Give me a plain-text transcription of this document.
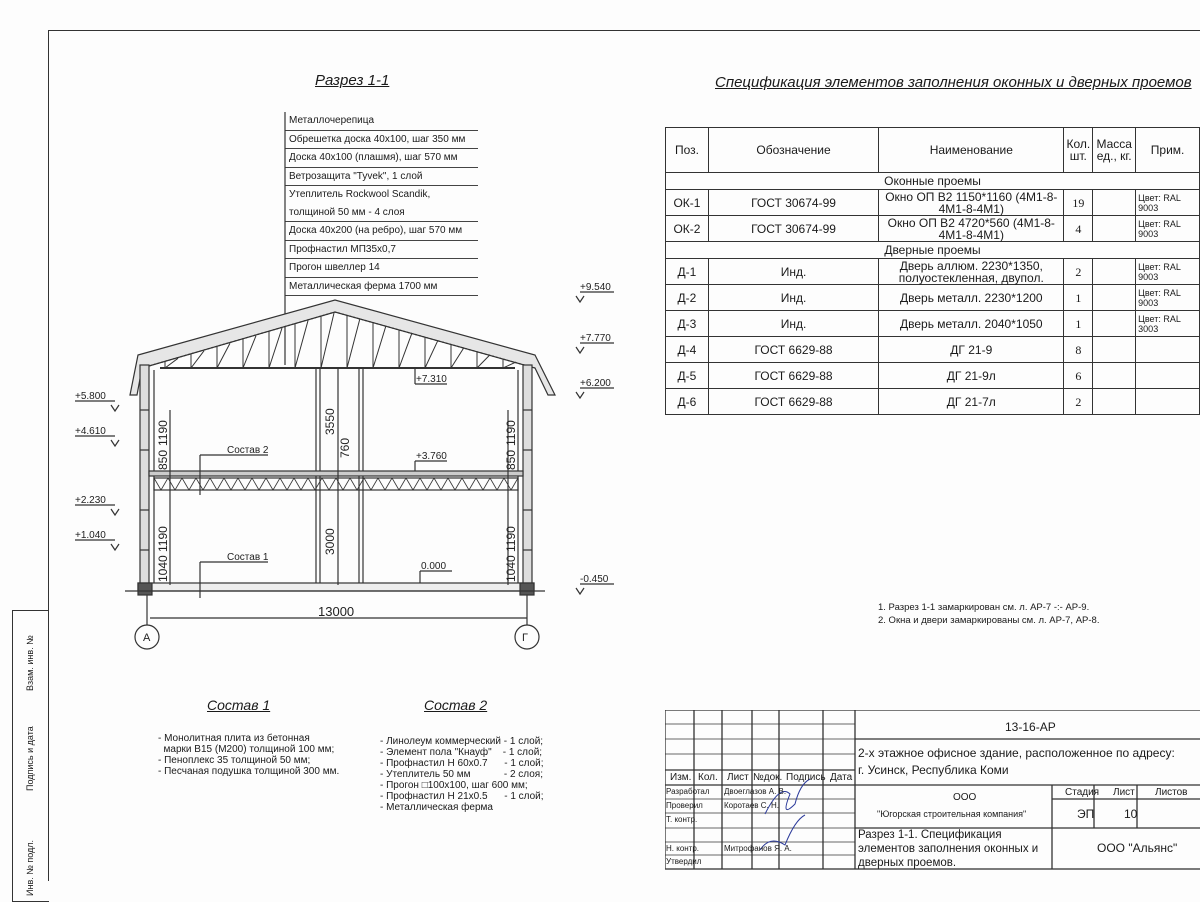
Разрез 1-1
Металлочерепица
Обрешетка доска 40х100, шаг 350 мм
Доска 40х100 (плашмя), шаг 570 мм
Ветрозащита "Tyvek", 1 слой
Утеплитель Rockwool Scandik,
толщиной 50 мм - 4 слоя
Доска 40х200 (на ребро), шаг 570 мм
Профнастил МП35х0,7
Прогон швеллер 14
Металлическая ферма 1700 мм
+5.800
+4.610
+2.230
+1.040
+9.540
+7.770
+6.200
-0.450
+7.310
+3.760
0.000
Состав 2
Состав 1
13000
А	Г
3550
760
3000
850
1190
1040
1190
850
1190
1040
1190
Спецификация элементов заполнения оконных и дверных проемов
Поз.	Обозначение	Наименование	Кол. шт.	Масса ед., кг.	Прим.
Оконные проемы					
ОК-1	ГОСТ 30674-99	Окно ОП В2 1150*1160 (4М1-8-4М1-8-4М1)	19		Цвет: RAL 9003
ОК-2	ГОСТ 30674-99	Окно ОП В2 4720*560 (4М1-8-4М1-8-4М1)	4		Цвет: RAL 9003
Дверные проемы					
Д-1	Инд.	Дверь аллюм. 2230*1350, полуостекленная, двупол.	2		Цвет: RAL 9003
Д-2	Инд.	Дверь металл. 2230*1200	1		Цвет: RAL 9003
Д-3	Инд.	Дверь металл. 2040*1050	1		Цвет: RAL 3003
Д-4	ГОСТ 6629-88	ДГ 21-9	8		
Д-5	ГОСТ 6629-88	ДГ 21-9л	6		
Д-6	ГОСТ 6629-88	ДГ 21-7л	2		
1. Разрез 1-1 замаркирован см. л. АР-7 -:- АР-9.
2. Окна и двери замаркированы см. л. АР-7, АР-8.
Состав 1
- Монолитная плита из бетонная
марки В15 (М200) толщиной 100 мм;
- Пеноплекс 35 толщиной 50 мм;
- Песчаная подушка толщиной 300 мм.
Состав 2
- Линолеум коммерческий - 1 слой;
- Элемент пола "Кнауф"    - 1 слой;
- Профнастил Н 60х0.7      - 1 слой;
- Утеплитель 50 мм            - 2 слоя;
- Прогон □100х100, шаг 600 мм;
- Профнастил Н 21х0.5      - 1 слой;
- Металлическая ферма
Взам. инв. №
Подпись и дата
Инв. № подл.
13-16-АР
2-х этажное офисное здание, расположенное по адресу:
г. Усинск, Республика Коми
ООО
"Югорская строительная компания"
Стадия Лист Листов
ЭП 10
Разрез 1-1. Спецификация элементов заполнения оконных и дверных проемов.
ООО "Альянс"
Изм. Кол. Лист №док. Подпись Дата
Разработал Двоеглазов А. В.
Проверил	Коротаев С. Н.
Т. контр.
Н. контр.	Митрофанов Я. А.
Утвердил
